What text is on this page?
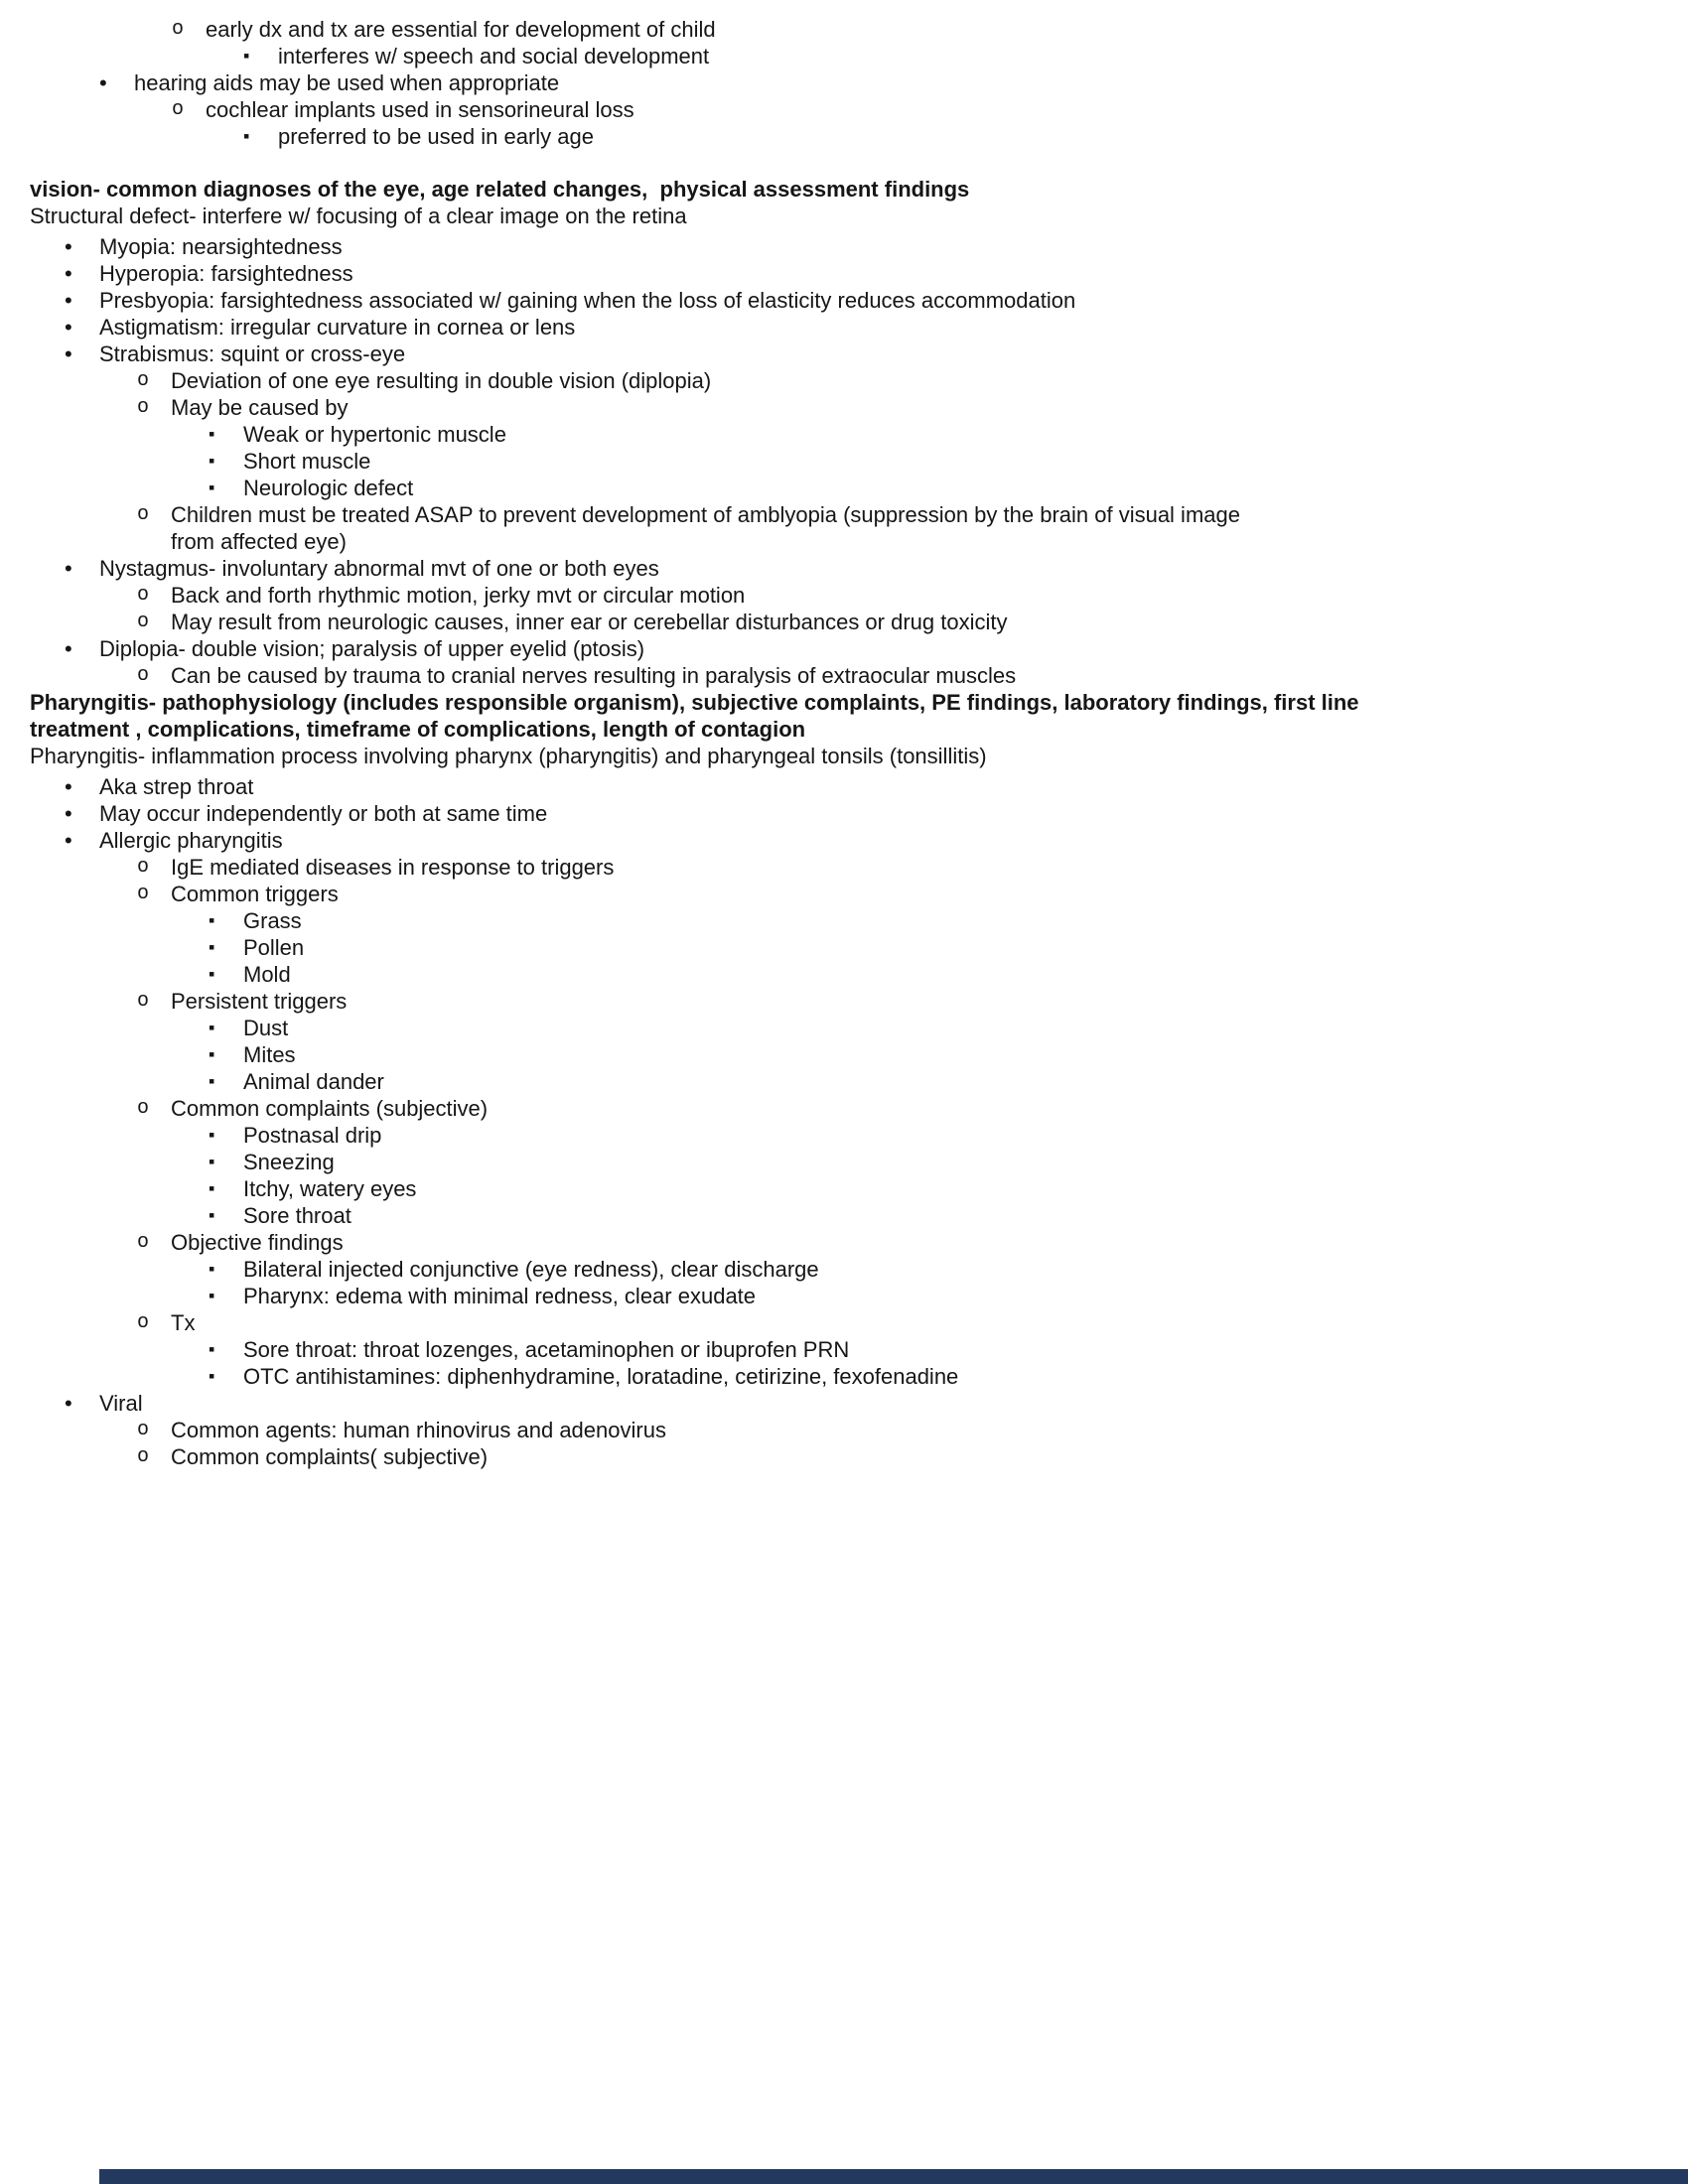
o early dx and tx are essential for development of child
▪ interferes w/ speech and social development
• hearing aids may be used when appropriate
o cochlear implants used in sensorineural loss
▪ preferred to be used in early age
vision- common diagnoses of the eye, age related changes,  physical assessment findings
Structural defect- interfere w/ focusing of a clear image on the retina
• Myopia: nearsightedness
• Hyperopia: farsightedness
• Presbyopia: farsightedness associated w/ gaining when the loss of elasticity reduces accommodation
• Astigmatism: irregular curvature in cornea or lens
• Strabismus: squint or cross-eye
o Deviation of one eye resulting in double vision (diplopia)
o May be caused by
▪ Weak or hypertonic muscle
▪ Short muscle
▪ Neurologic defect
o Children must be treated ASAP to prevent development of amblyopia (suppression by the brain of visual image
from affected eye)
• Nystagmus- involuntary abnormal mvt of one or both eyes
o Back and forth rhythmic motion, jerky mvt or circular motion
o May result from neurologic causes, inner ear or cerebellar disturbances or drug toxicity
• Diplopia- double vision; paralysis of upper eyelid (ptosis)
o Can be caused by trauma to cranial nerves resulting in paralysis of extraocular muscles
Pharyngitis- pathophysiology (includes responsible organism), subjective complaints, PE findings, laboratory findings, first line
treatment , complications, timeframe of complications, length of contagion
Pharyngitis- inflammation process involving pharynx (pharyngitis) and pharyngeal tonsils (tonsillitis)
• Aka strep throat
• May occur independently or both at same time
• Allergic pharyngitis
o IgE mediated diseases in response to triggers
o Common triggers
▪ Grass
▪ Pollen
▪ Mold
o Persistent triggers
▪ Dust
▪ Mites
▪ Animal dander
o Common complaints (subjective)
▪ Postnasal drip
▪ Sneezing
▪ Itchy, watery eyes
▪ Sore throat
o Objective findings
▪ Bilateral injected conjunctive (eye redness), clear discharge
▪ Pharynx: edema with minimal redness, clear exudate
o Tx
▪ Sore throat: throat lozenges, acetaminophen or ibuprofen PRN
▪ OTC antihistamines: diphenhydramine, loratadine, cetirizine, fexofenadine
• Viral
o Common agents: human rhinovirus and adenovirus
o Common complaints( subjective)
